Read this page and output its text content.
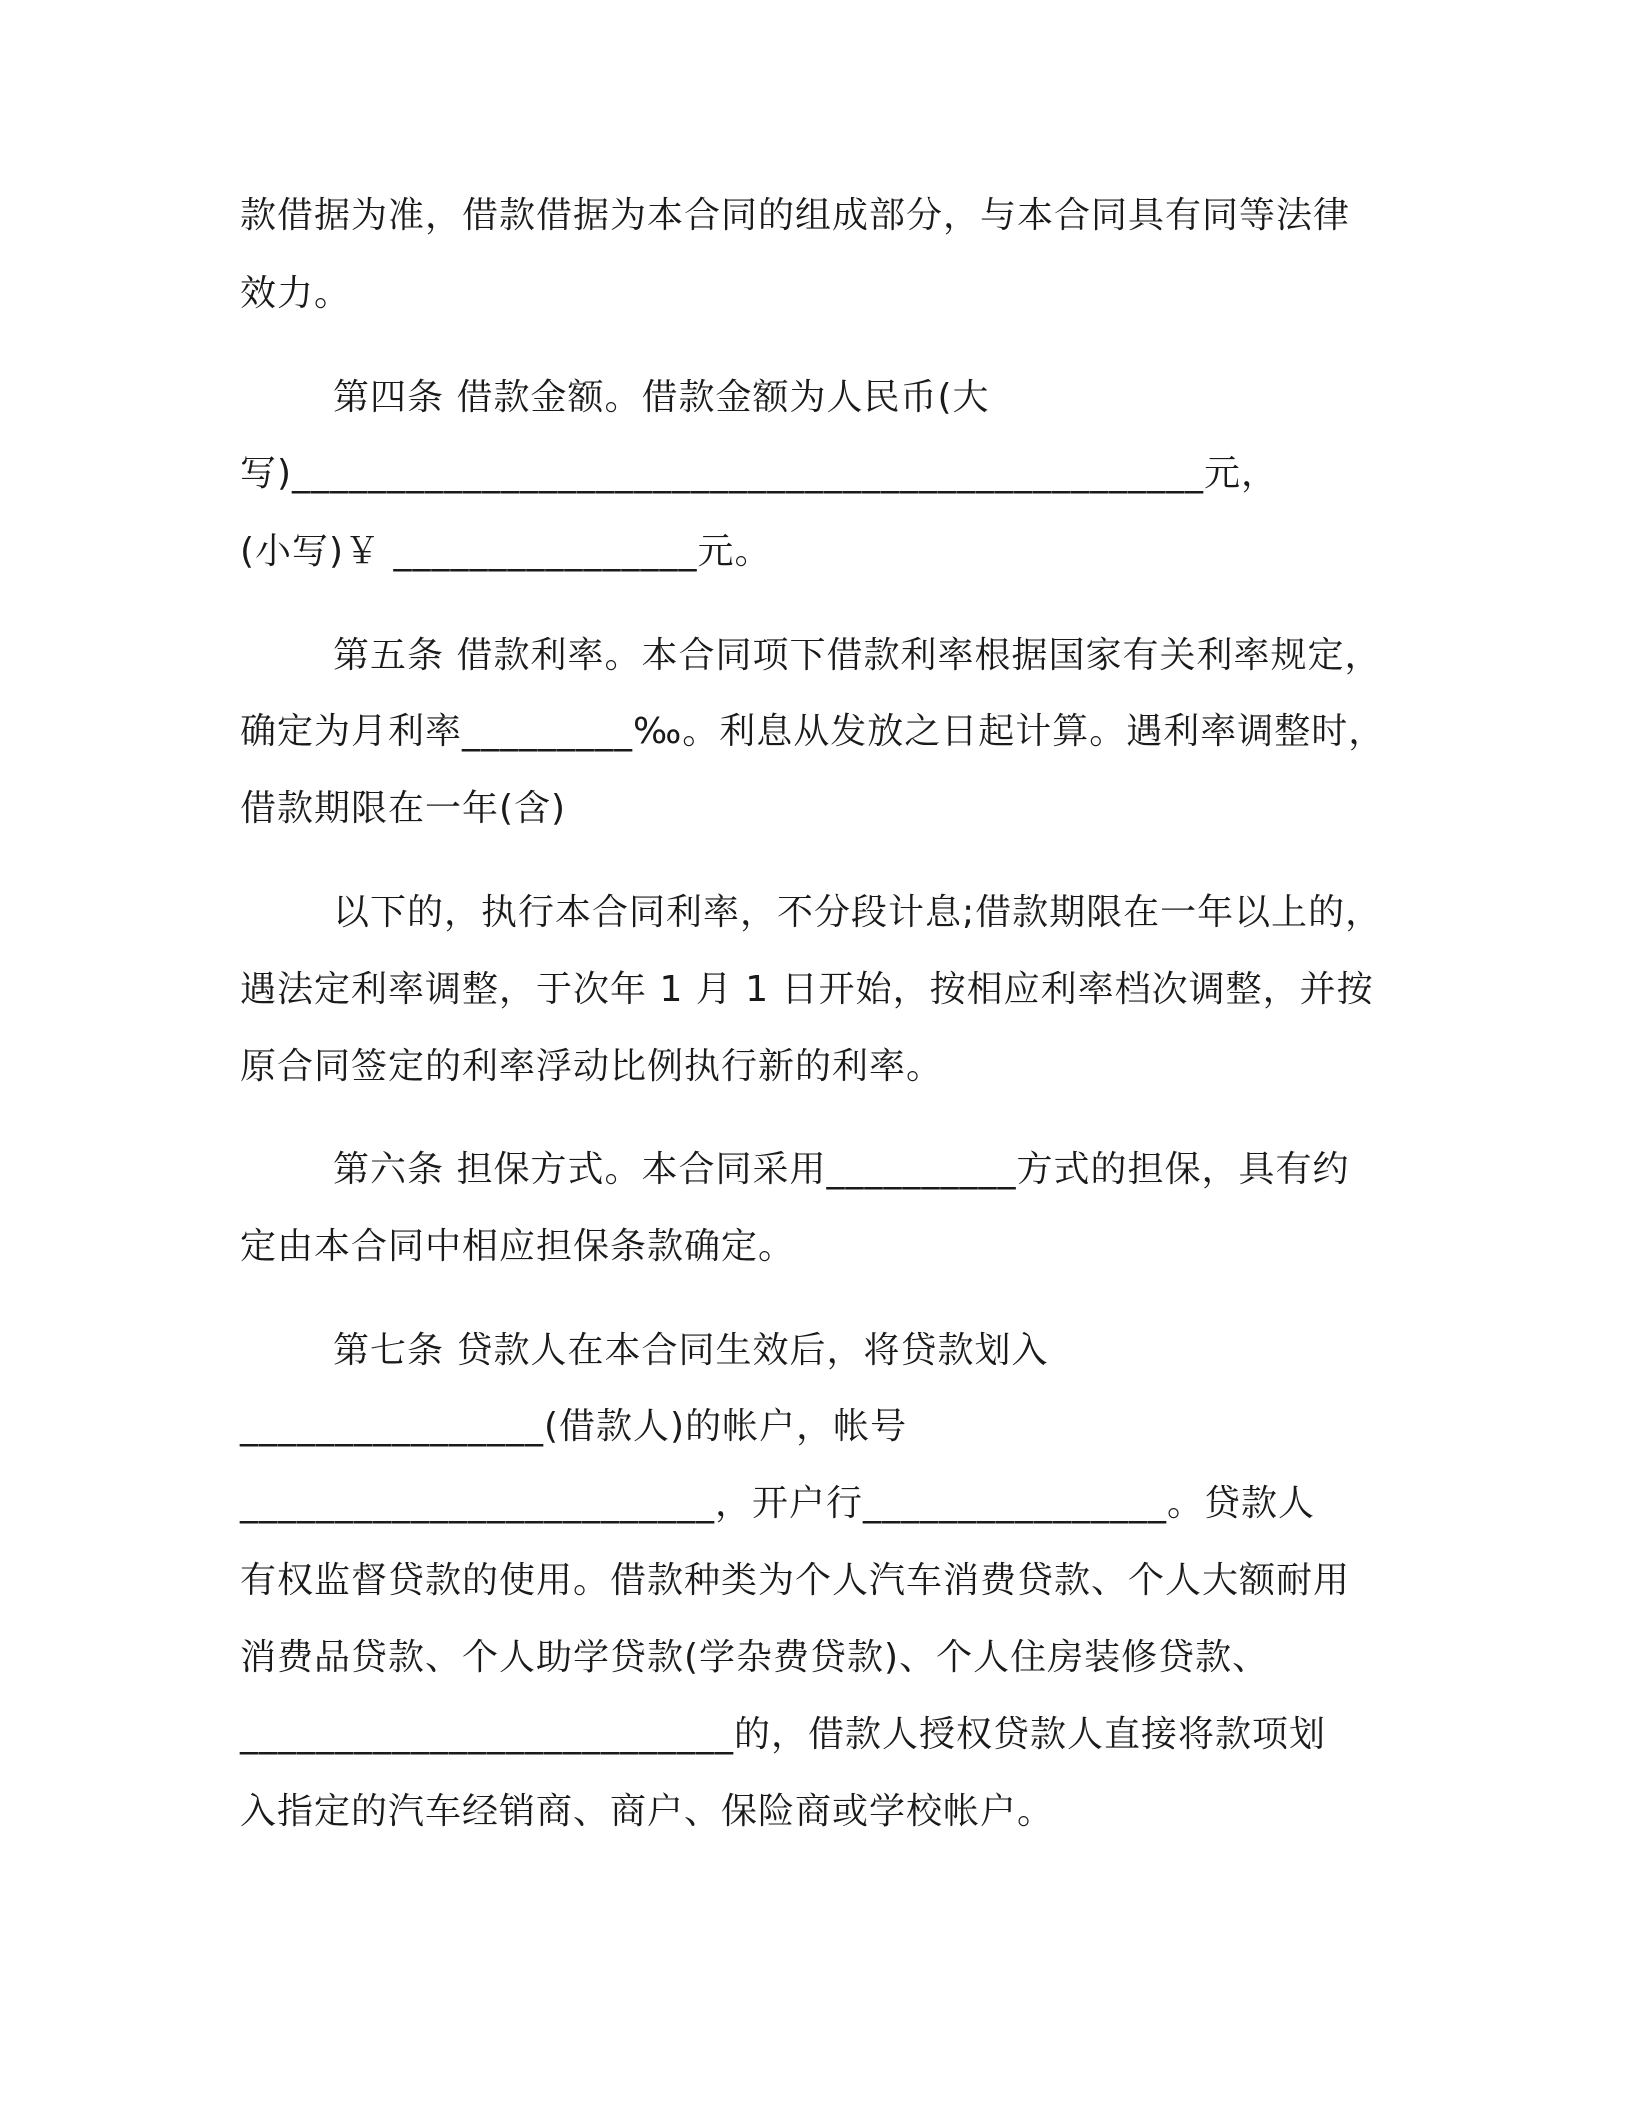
款借据为准，借款借据为本合同的组成部分，与本合同具有同等法律
效力。
第四条 借款金额。借款金额为人民币(大
写)________________________________________________元，
(小写)￥ ________________元。
第五条 借款利率。本合同项下借款利率根据国家有关利率规定，
确定为月利率_________‰。利息从发放之日起计算。遇利率调整时，
借款期限在一年(含)
以下的，执行本合同利率，不分段计息;借款期限在一年以上的，
遇法定利率调整，于次年 1 月 1 日开始，按相应利率档次调整，并按
原合同签定的利率浮动比例执行新的利率。
第六条 担保方式。本合同采用__________方式的担保，具有约
定由本合同中相应担保条款确定。
第七条 贷款人在本合同生效后，将贷款划入
________________(借款人)的帐户，帐号
_________________________，开户行________________。贷款人
有权监督贷款的使用。借款种类为个人汽车消费贷款、个人大额耐用
消费品贷款、个人助学贷款(学杂费贷款)、个人住房装修贷款、
__________________________的，借款人授权贷款人直接将款项划
入指定的汽车经销商、商户、保险商或学校帐户。
